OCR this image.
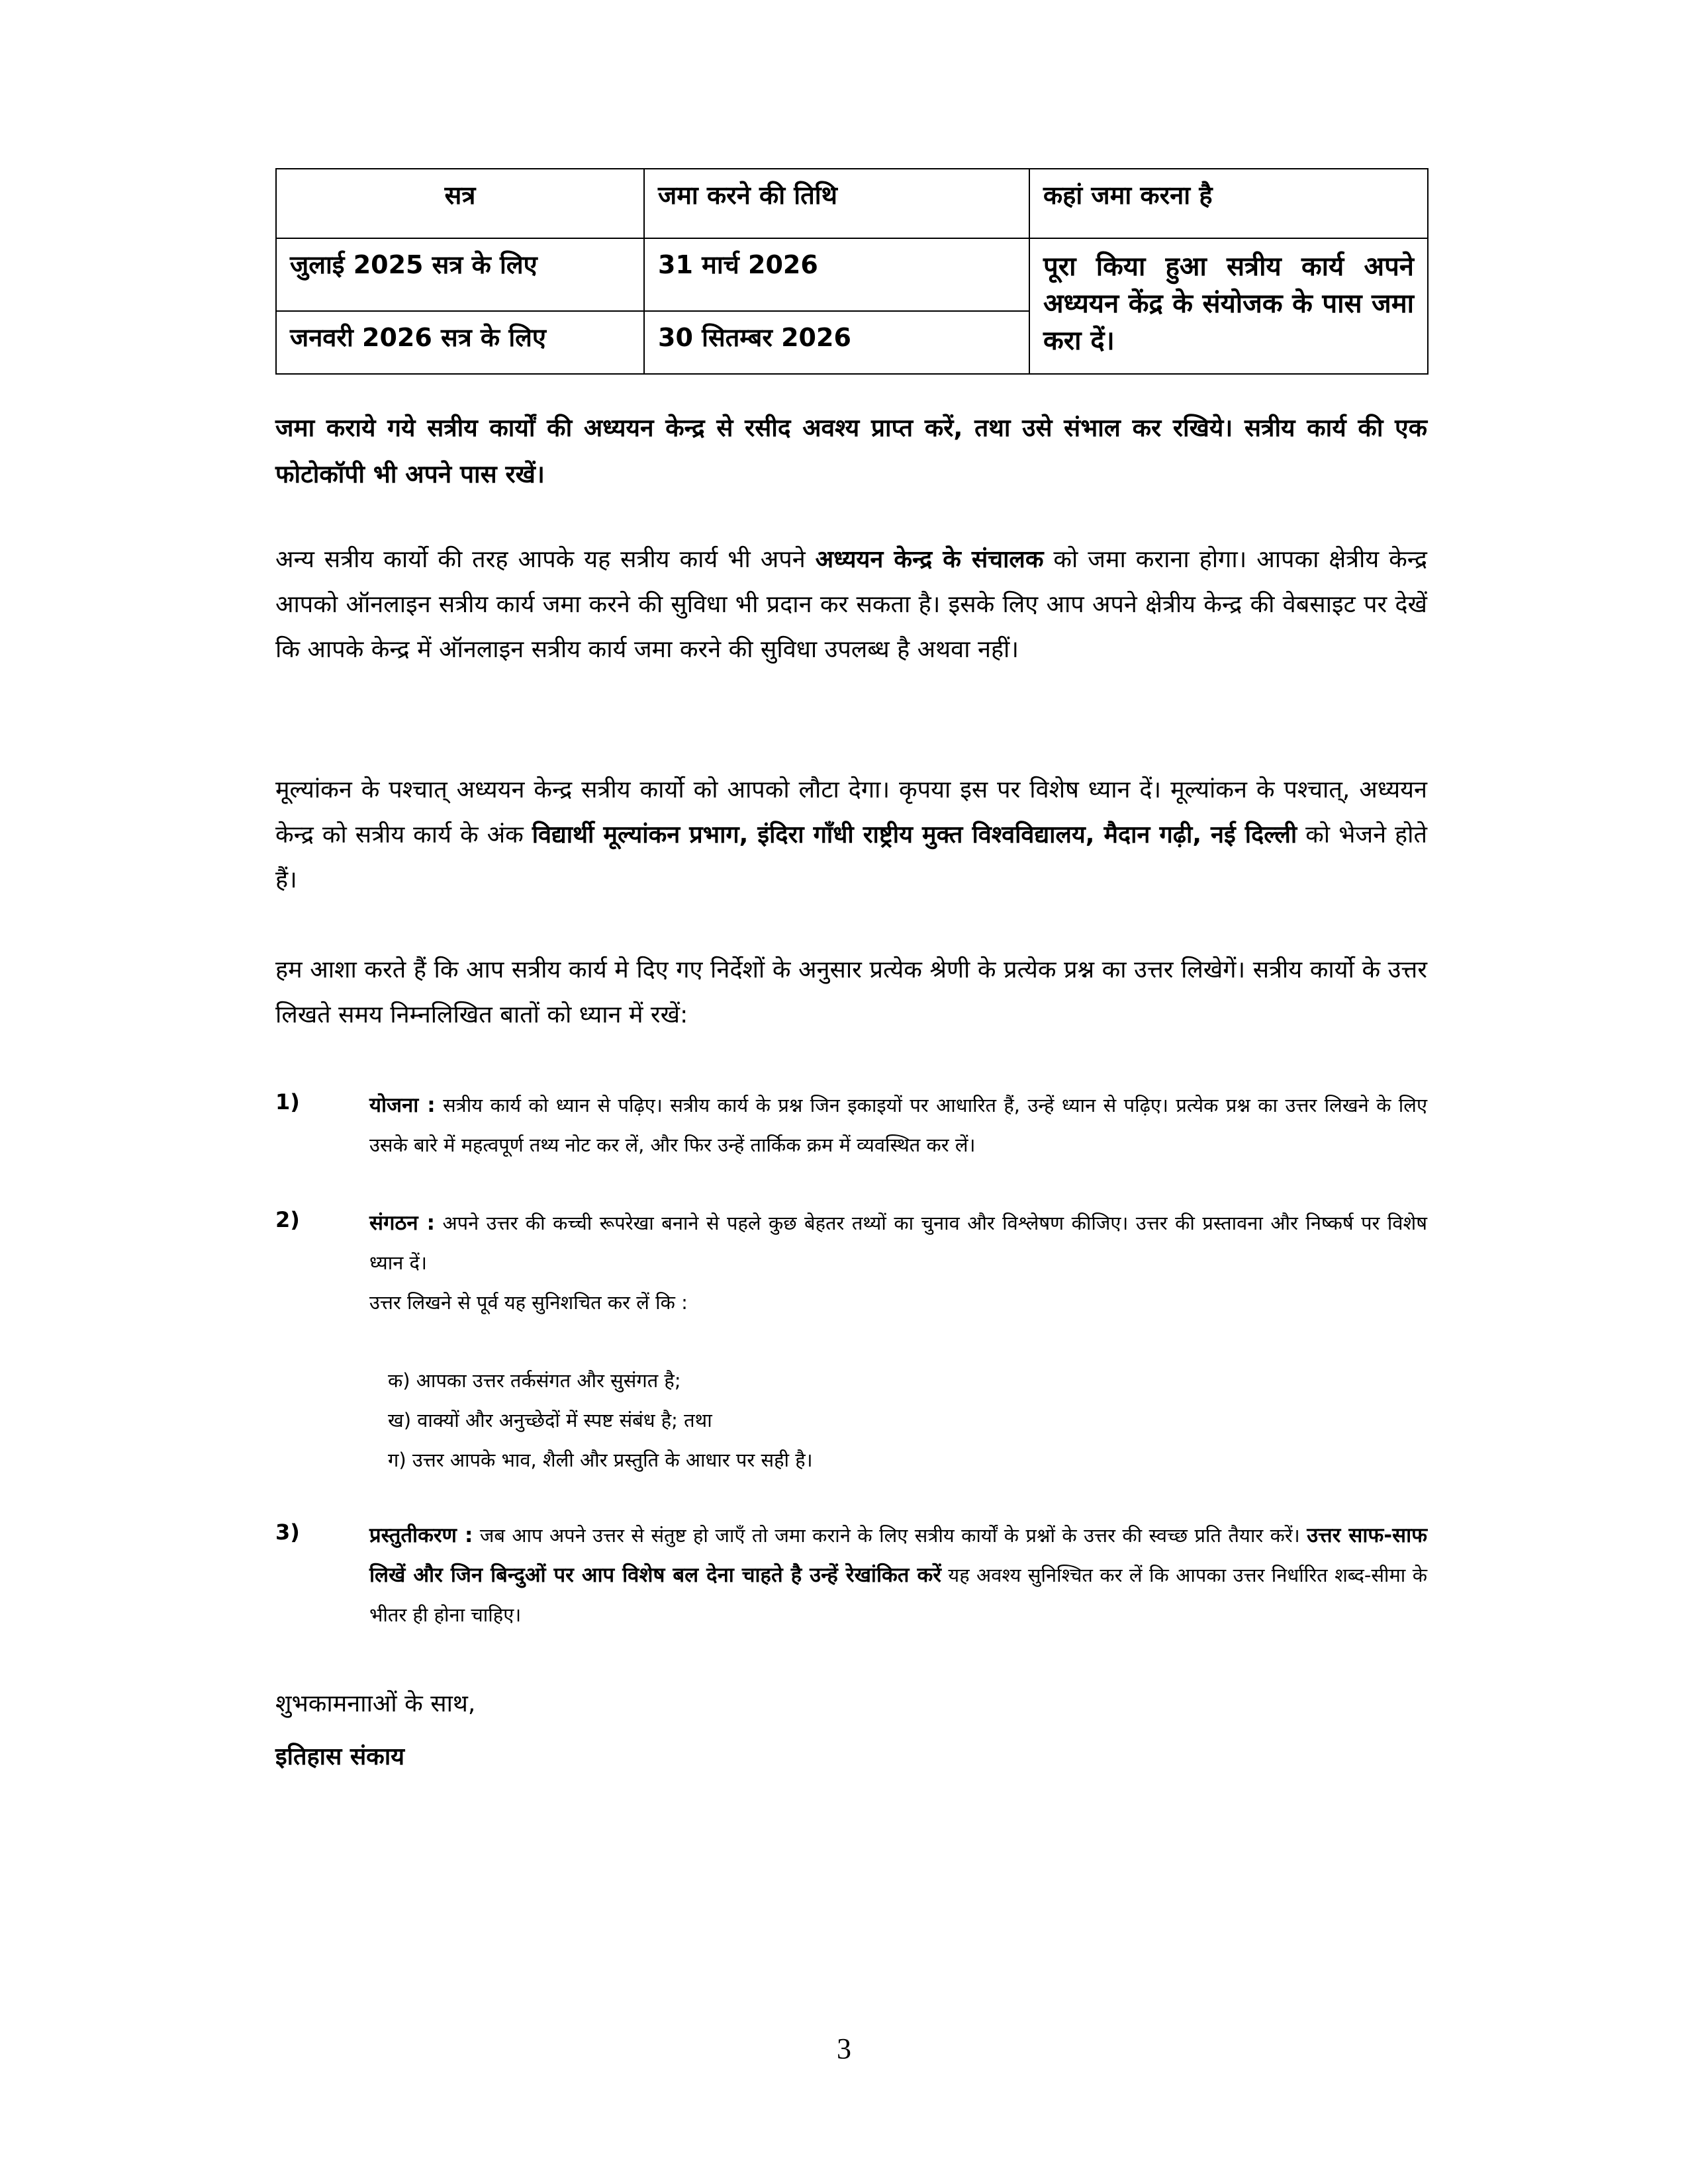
सत्र	जमा करने की तिथि	कहां जमा करना है
जुलाई 2025 सत्र के लिए	31 मार्च 2026	पूरा किया हुआ सत्रीय कार्य अपने अध्ययन केंद्र के संयोजक के पास जमा करा दें।
जनवरी 2026 सत्र के लिए	30 सितम्बर 2026	

जमा कराये गये सत्रीय कार्यों की अध्ययन केन्द्र से रसीद अवश्य प्राप्त करें, तथा उसे संभाल कर रखिये। सत्रीय कार्य की एक फोटोकॉपी भी अपने पास रखें।

अन्य सत्रीय कार्यो की तरह आपके यह सत्रीय कार्य भी अपने अध्ययन केन्द्र के संचालक को जमा कराना होगा। आपका क्षेत्रीय केन्द्र आपको ऑनलाइन सत्रीय कार्य जमा करने की सुविधा भी प्रदान कर सकता है। इसके लिए आप अपने क्षेत्रीय केन्द्र की वेबसाइट पर देखें कि आपके केन्द्र में ऑनलाइन सत्रीय कार्य जमा करने की सुविधा उपलब्ध है अथवा नहीं।

मूल्यांकन के पश्चात् अध्ययन केन्द्र सत्रीय कार्यो को आपको लौटा देगा। कृपया इस पर विशेष ध्यान दें। मूल्यांकन के पश्चात्, अध्ययन केन्द्र को सत्रीय कार्य के अंक विद्यार्थी मूल्यांकन प्रभाग, इंदिरा गाँधी राष्ट्रीय मुक्त विश्वविद्यालय, मैदान गढ़ी, नई दिल्ली को भेजने होते हैं।

हम आशा करते हैं कि आप सत्रीय कार्य मे दिए गए निर्देशों के अनुसार प्रत्येक श्रेणी के प्रत्येक प्रश्न का उत्तर लिखेगें। सत्रीय कार्यो के उत्तर लिखते समय निम्नलिखित बातों को ध्यान में रखें:

1)	योजना : सत्रीय कार्य को ध्यान से पढ़िए। सत्रीय कार्य के प्रश्न जिन इकाइयों पर आधारित हैं, उन्हें ध्यान से पढ़िए। प्रत्येक प्रश्न का उत्तर लिखने के लिए उसके बारे में महत्वपूर्ण तथ्य नोट कर लें, और फिर उन्हें तार्किक क्रम में व्यवस्थित कर लें।
2)	संगठन : अपने उत्तर की कच्ची रूपरेखा बनाने से पहले कुछ बेहतर तथ्यों का चुनाव और विश्लेषण कीजिए। उत्तर की प्रस्तावना और निष्कर्ष पर विशेष ध्यान दें।
उत्तर लिखने से पूर्व यह सुनिशचित कर लें कि :
क) आपका उत्तर तर्कसंगत और सुसंगत है;
ख) वाक्यों और अनुच्छेदों में स्पष्ट संबंध है; तथा
ग) उत्तर आपके भाव, शैली और प्रस्तुति के आधार पर सही है।
3)	प्रस्तुतीकरण : जब आप अपने उत्तर से संतुष्ट हो जाएँ तो जमा कराने के लिए सत्रीय कार्यों के प्रश्नों के उत्तर की स्वच्छ प्रति तैयार करें। उत्तर साफ-साफ लिखें और जिन बिन्दुओं पर आप विशेष बल देना चाहते है उन्हें रेखांकित करें यह अवश्य सुनिश्चित कर लें कि आपका उत्तर निर्धारित शब्द-सीमा के भीतर ही होना चाहिए।
शुभकामनााओं के साथ,
इतिहास संकाय
3
